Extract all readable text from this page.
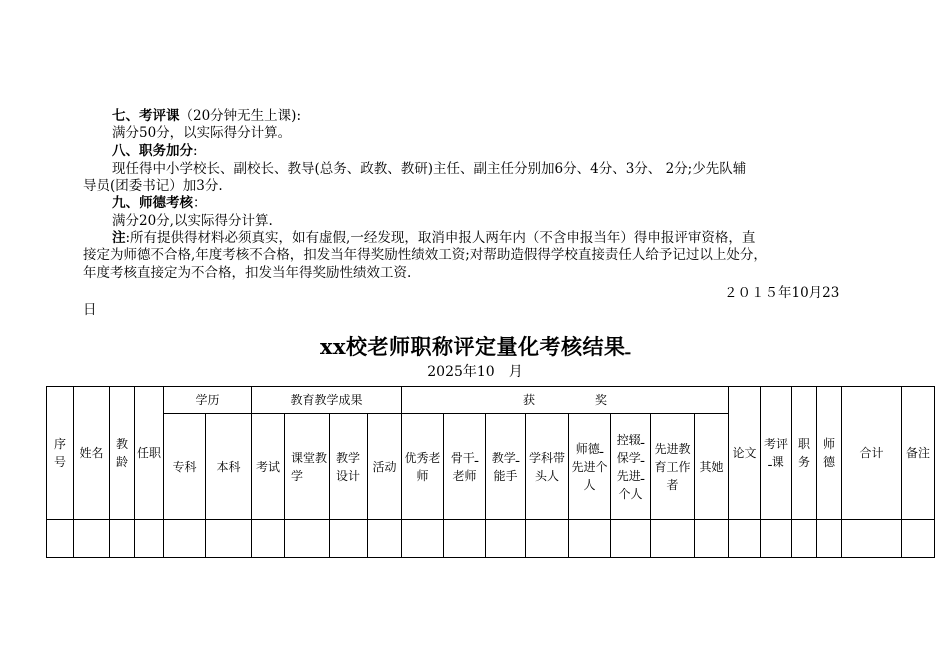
七、考评课（20分钟无生上课):
满分50分，以实际得分计算。
八、职务加分:
现任得中小学校长、副校长、教导(总务、政教、教研)主任、副主任分别加6分、4分、3分、 2分;少先队辅
导员(团委书记）加3分.
九、师德考核：
满分20分,以实际得分计算.
注:所有提供得材料必须真实，如有虚假,一经发现，取消申报人两年内（不含申报当年）得申报评审资格，直
接定为师德不合格,年度考核不合格，扣发当年得奖励性绩效工资;对帮助造假得学校直接责任人给予记过以上处分，
年度考核直接定为不合格，扣发当年得奖励性绩效工资.
２０１５年10月23
日
xx校老师职称评定量化考核结果ـ
2025年10　月
序号	姓名	教龄	任职	学历		教育教学成果				获　　　　　奖								论文	考评ـ课	职务	师德	合计	备注
				专科	本科	考试	课堂教学	教学设计	活动	优秀老师	骨干ـ老师	教学ـ能手	学科带头人	师德ـ先进个人	控辍ـ保学ـ先进ـ个人	先进教育工作者	其她						
